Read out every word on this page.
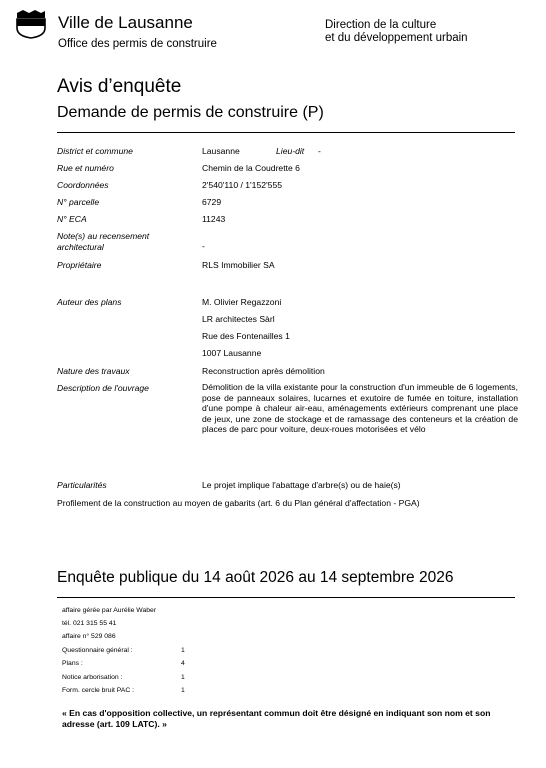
Ville de Lausanne
Office des permis de construire
Direction de la culture
et du développement urbain
Avis d’enquête
Demande de permis de construire (P)
District et commune	Lausanne	Lieu-dit -
Rue et numéro	Chemin de la Coudrette 6
Coordonnées	2'540'110 / 1'152'555
N° parcelle	6729
N° ECA	11243
Note(s) au recensement
architectural	-
Propriétaire	RLS Immobilier SA
Auteur des plans	M. Olivier Regazzoni
LR architectes Sàrl
Rue des Fontenailles 1
1007 Lausanne
Nature des travaux	Reconstruction après démolition
Description de l'ouvrage	Démolition de la villa existante pour la construction d'un immeuble de 6 logements, pose de panneaux solaires, lucarnes et exutoire de fumée en toiture, installation d'une pompe à chaleur air-eau, aménagements extérieurs comprenant une place de jeux, une zone de stockage et de ramassage des conteneurs et la création de places de parc pour voiture, deux-roues motorisées et vélo
Particularités	Le projet implique l'abattage d'arbre(s) ou de haie(s)
Profilement de la construction au moyen de gabarits (art. 6 du Plan général d'affectation - PGA)
Enquête publique du 14 août 2026 au 14 septembre 2026
affaire gérée par Aurélie Waber
tél. 021 315 55 41
affaire n° 529 086
Questionnaire général :	1
Plans :	4
Notice arborisation :	1
Form. cercle bruit PAC :	1
« En cas d'opposition collective, un représentant commun doit être désigné en indiquant son nom et son adresse (art. 109 LATC). »
